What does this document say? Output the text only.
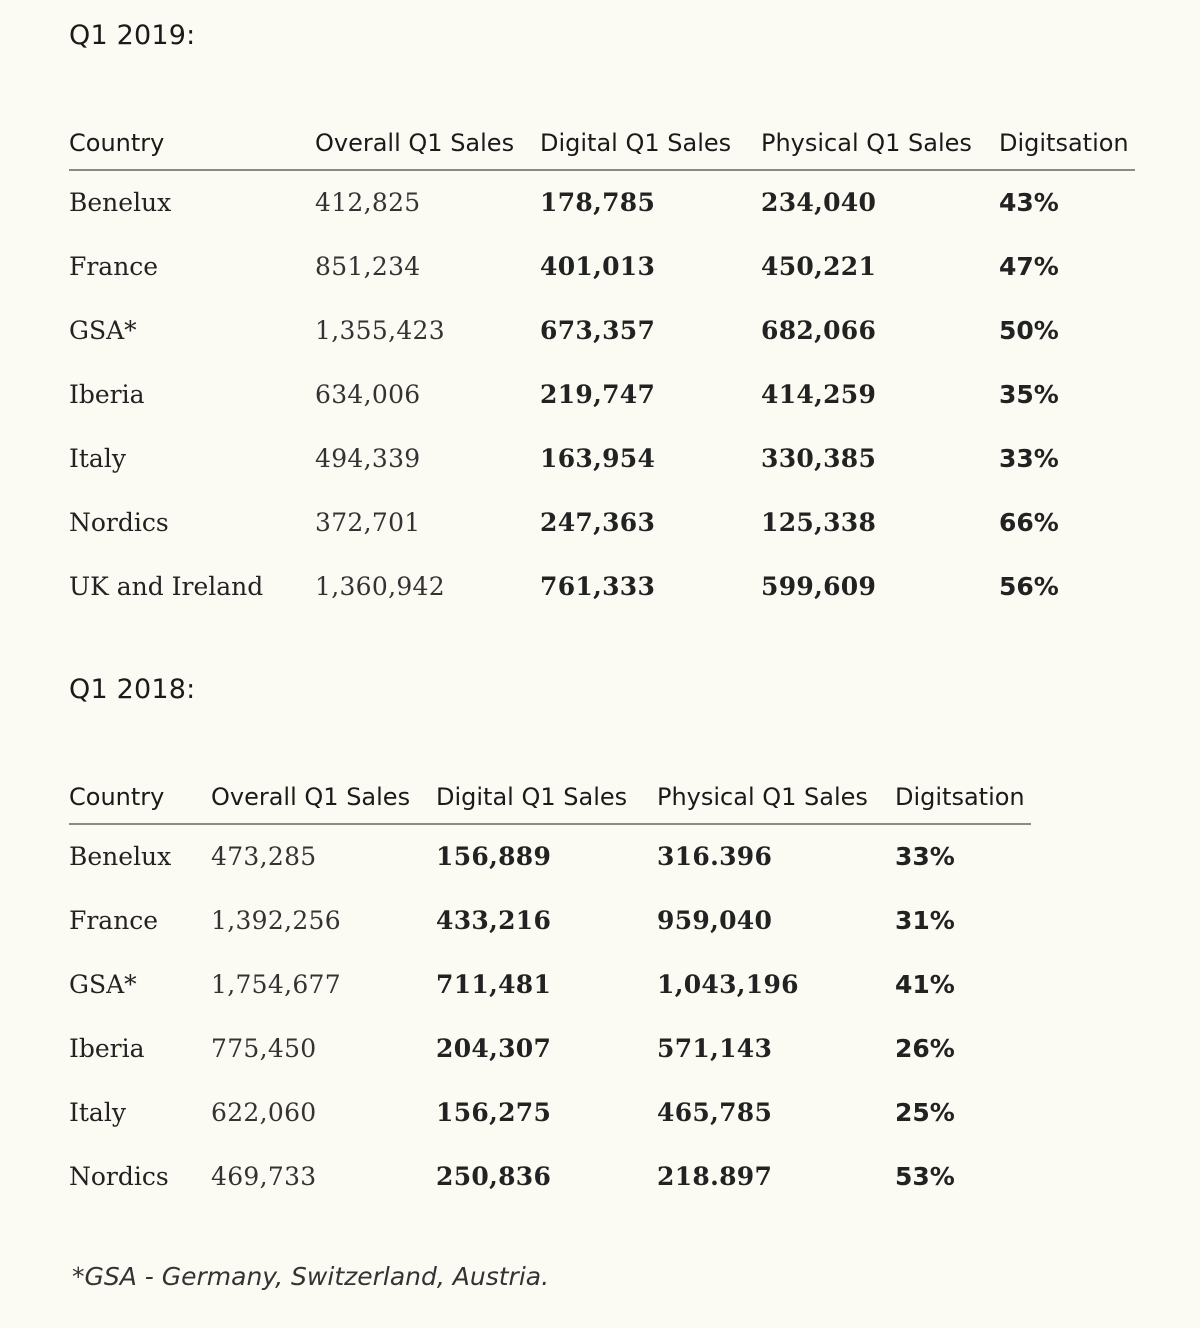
Q1 2019:
Country	Overall Q1 Sales	Digital Q1 Sales	Physical Q1 Sales	Digitsation
Benelux	412,825	178,785	234,040	43%
France	851,234	401,013	450,221	47%
GSA*	1,355,423	673,357	682,066	50%
Iberia	634,006	219,747	414,259	35%
Italy	494,339	163,954	330,385	33%
Nordics	372,701	247,363	125,338	66%
UK and Ireland	1,360,942	761,333	599,609	56%
Q1 2018:
Country	Overall Q1 Sales	Digital Q1 Sales	Physical Q1 Sales	Digitsation
Benelux	473,285	156,889	316.396	33%
France	1,392,256	433,216	959,040	31%
GSA*	1,754,677	711,481	1,043,196	41%
Iberia	775,450	204,307	571,143	26%
Italy	622,060	156,275	465,785	25%
Nordics	469,733	250,836	218.897	53%

*GSA - Germany, Switzerland, Austria.
